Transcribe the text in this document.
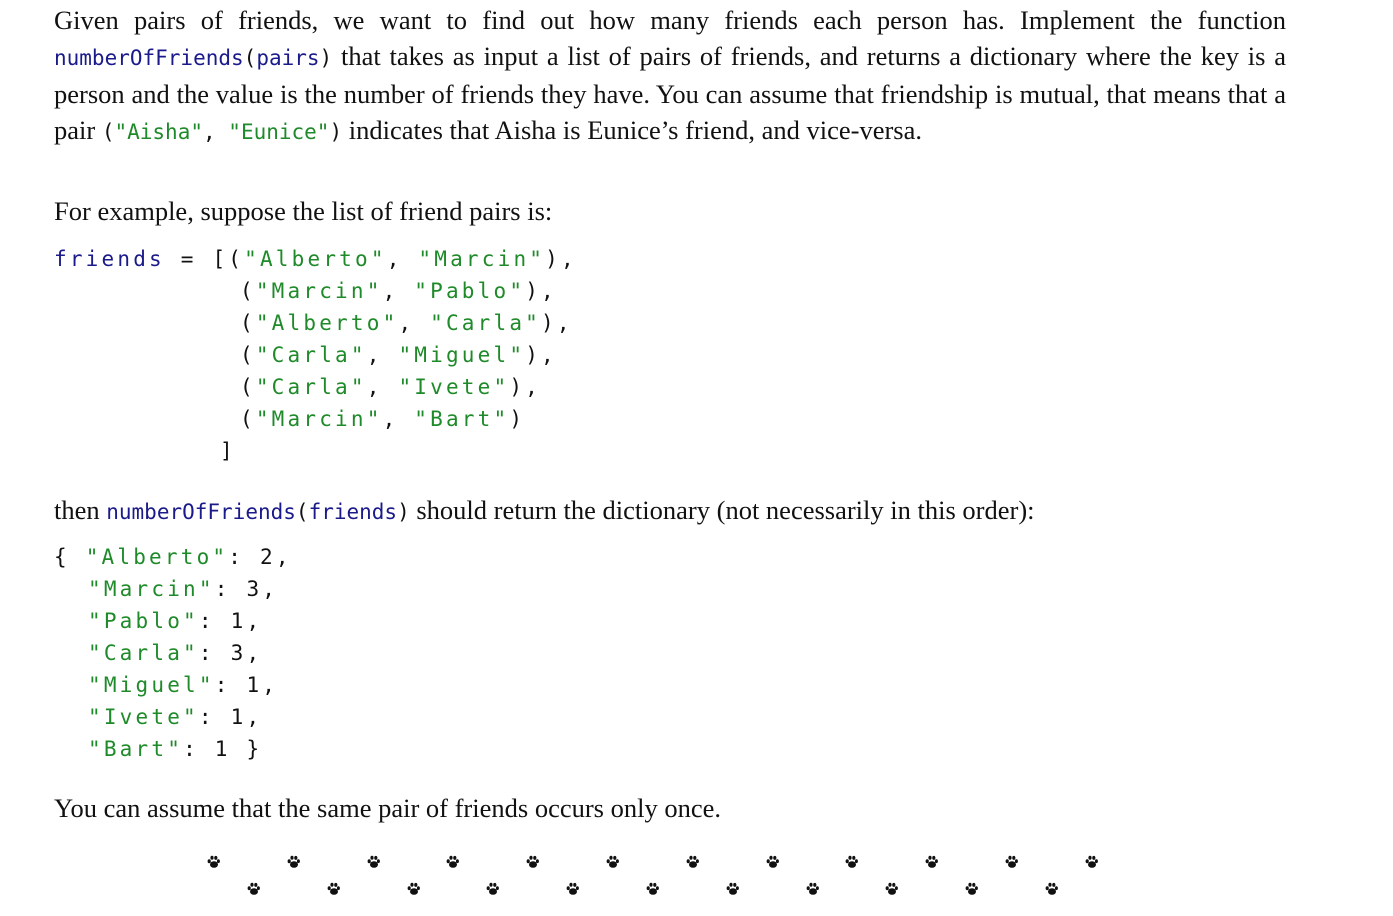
Given pairs of friends, we want to find out how many friends each person has. Implement the function numberOfFriends(pairs) that takes as input a list of pairs of friends, and returns a dictionary where the key is a person and the value is the number of friends they have. You can assume that friendship is mutual, that means that a pair ("Aisha", "Eunice") indicates that Aisha is Eunice’s friend, and vice-versa.

For example, suppose the list of friend pairs is:

friends = [("Alberto", "Marcin"),
("Marcin", "Pablo"),
("Alberto", "Carla"),
("Carla", "Miguel"),
("Carla", "Ivete"),
("Marcin", "Bart")
]

then numberOfFriends(friends) should return the dictionary (not necessarily in this order):

{ "Alberto": 2,
"Marcin": 3,
"Pablo": 1,
"Carla": 3,
"Miguel": 1,
"Ivete": 1,
"Bart": 1 }

You can assume that the same pair of friends occurs only once.
